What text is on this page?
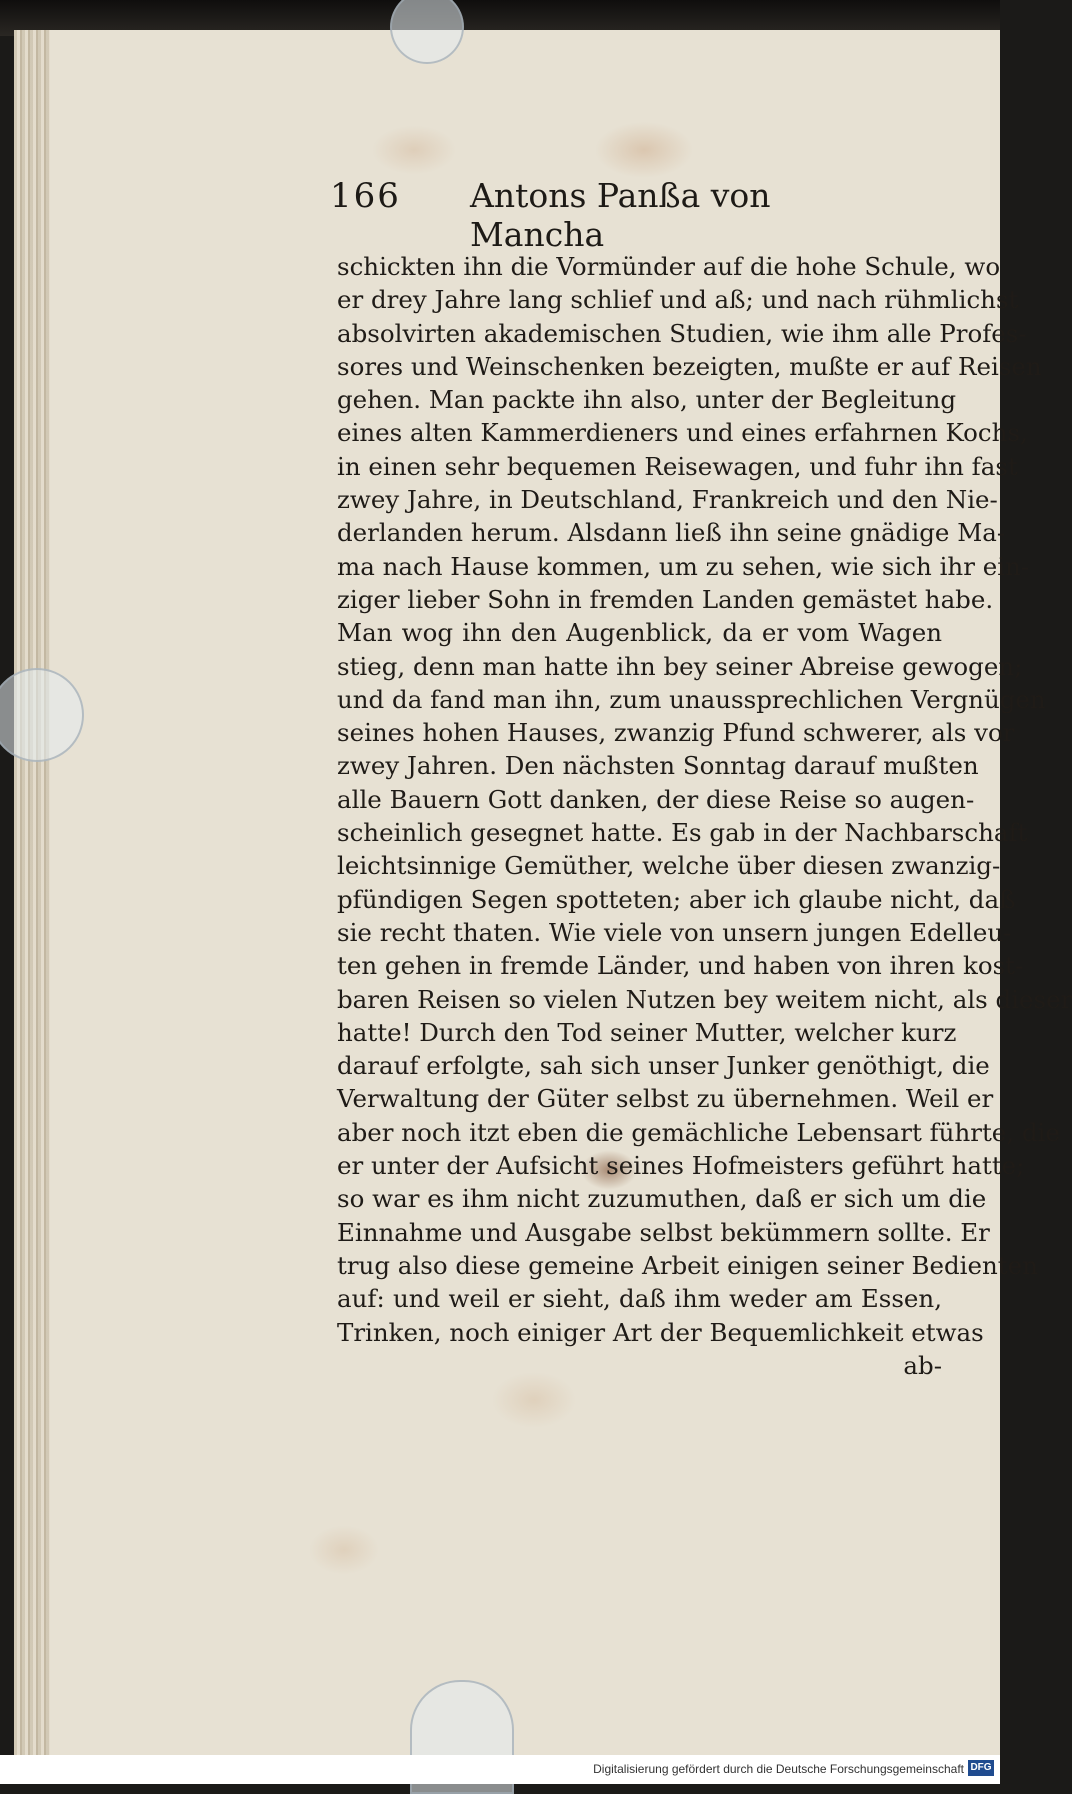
166 Antons Panßa von Mancha
schickten ihn die Vormünder auf die hohe Schule, wo
er drey Jahre lang schlief und aß; und nach rühmlichst
absolvirten akademischen Studien, wie ihm alle Profes-
sores und Weinschenken bezeigten, mußte er auf Reisen
gehen. Man packte ihn also, unter der Begleitung
eines alten Kammerdieners und eines erfahrnen Kochs,
in einen sehr bequemen Reisewagen, und fuhr ihn fast
zwey Jahre, in Deutschland, Frankreich und den Nie-
derlanden herum. Alsdann ließ ihn seine gnädige Ma-
ma nach Hause kommen, um zu sehen, wie sich ihr ein-
ziger lieber Sohn in fremden Landen gemästet habe.
Man wog ihn den Augenblick, da er vom Wagen
stieg, denn man hatte ihn bey seiner Abreise gewogen;
und da fand man ihn, zum unaussprechlichen Vergnügen
seines hohen Hauses, zwanzig Pfund schwerer, als vor
zwey Jahren. Den nächsten Sonntag darauf mußten
alle Bauern Gott danken, der diese Reise so augen-
scheinlich gesegnet hatte. Es gab in der Nachbarschaft
leichtsinnige Gemüther, welche über diesen zwanzig-
pfündigen Segen spotteten; aber ich glaube nicht, daß
sie recht thaten. Wie viele von unsern jungen Edelleu-
ten gehen in fremde Länder, und haben von ihren kost-
baren Reisen so vielen Nutzen bey weitem nicht, als dieser
hatte! Durch den Tod seiner Mutter, welcher kurz
darauf erfolgte, sah sich unser Junker genöthigt, die
Verwaltung der Güter selbst zu übernehmen. Weil er
aber noch itzt eben die gemächliche Lebensart führte, die
er unter der Aufsicht seines Hofmeisters geführt hatte;
so war es ihm nicht zuzumuthen, daß er sich um die
Einnahme und Ausgabe selbst bekümmern sollte. Er
trug also diese gemeine Arbeit einigen seiner Bedienten
auf: und weil er sieht, daß ihm weder am Essen,
Trinken, noch einiger Art der Bequemlichkeit etwas
ab-
Digitalisierung gefördert durch die Deutsche Forschungsgemeinschaft DFG
